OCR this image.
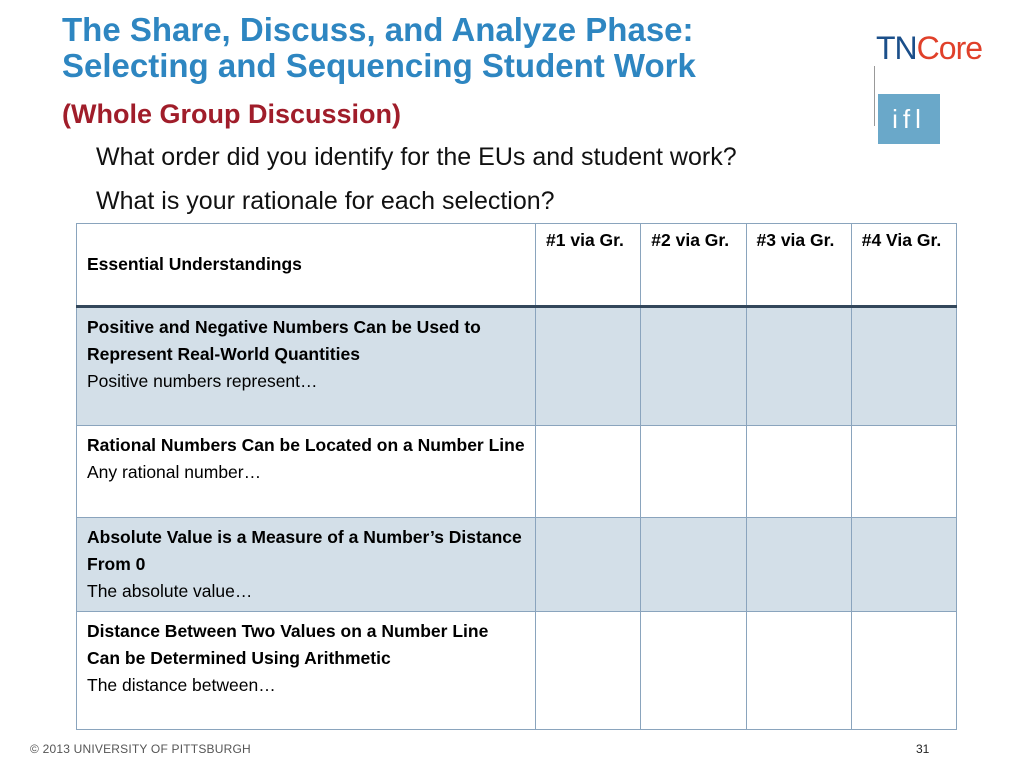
The Share, Discuss, and Analyze Phase:
Selecting and Sequencing Student Work
(Whole Group Discussion)
TNCore
ifl
What order did you identify for the EUs and student work?
What is your rationale for each selection?
Essential Understandings	#1 via Gr.	#2 via Gr.	#3 via Gr.	#4 Via Gr.

Positive and Negative Numbers Can be Used to Represent Real-World Quantities
Positive numbers represent…				

Rational Numbers Can be Located on a Number Line
Any rational number…				

Absolute Value is a Measure of a Number’s Distance From 0
The absolute value…				

Distance Between Two Values on a Number Line Can be Determined Using Arithmetic
The distance between…				

© 2013 UNIVERSITY OF PITTSBURGH	31
